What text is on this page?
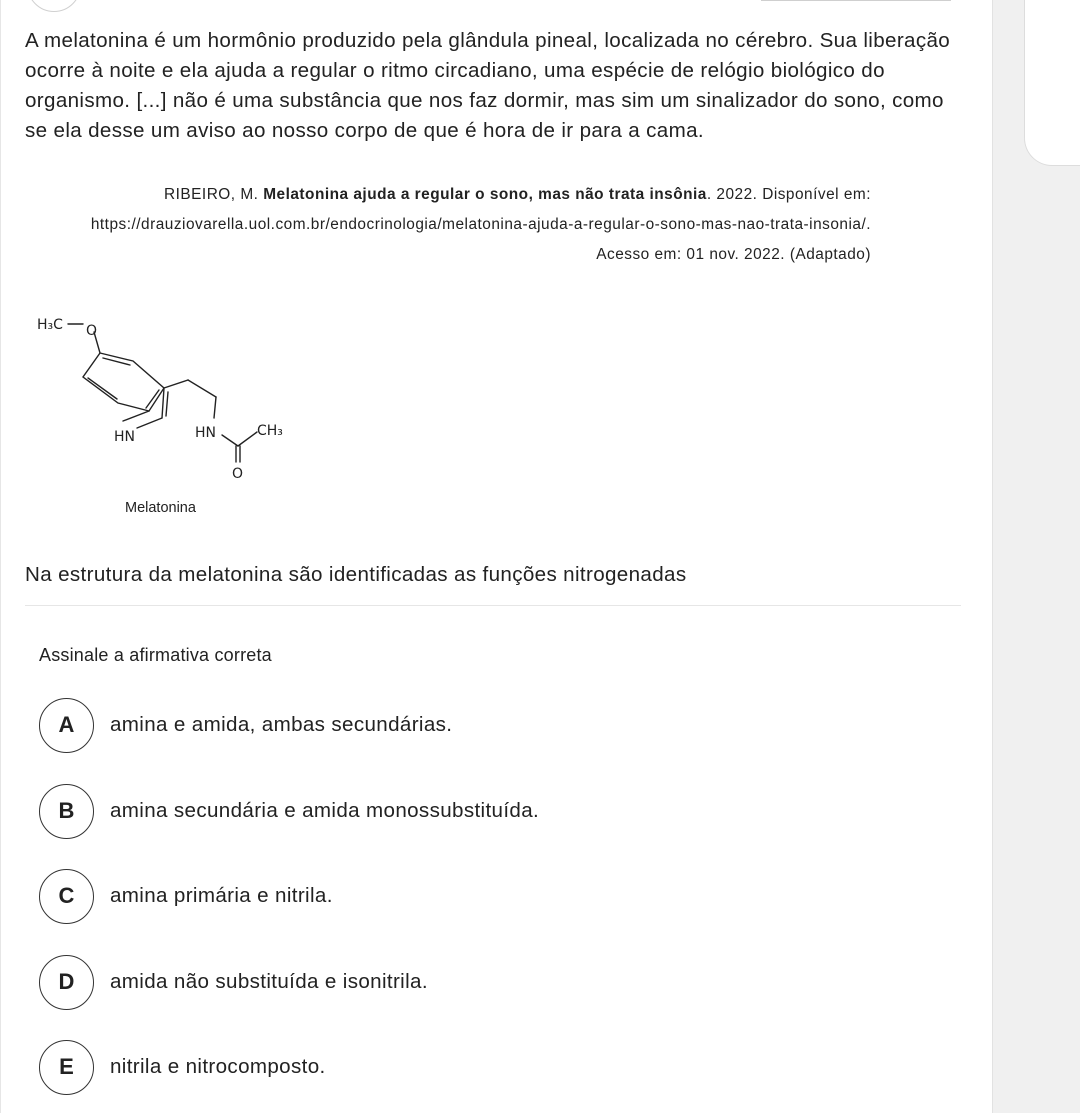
A melatonina é um hormônio produzido pela glândula pineal, localizada no cérebro. Sua liberação ocorre à noite e ela ajuda a regular o ritmo circadiano, uma espécie de relógio biológico do organismo. [...] não é uma substância que nos faz dormir, mas sim um sinalizador do sono, como se ela desse um aviso ao nosso corpo de que é hora de ir para a cama.

RIBEIRO, M. Melatonina ajuda a regular o sono, mas não trata insônia. 2022. Disponível em:

https://drauziovarella.uol.com.br/endocrinologia/melatonina-ajuda-a-regular-o-sono-mas-nao-trata-insonia/.

Acesso em: 01 nov. 2022. (Adaptado)

H₃C O
HN	HN	CH₃
O
Melatonina

Na estrutura da melatonina são identificadas as funções nitrogenadas

Assinale a afirmativa correta
A	amina e amida, ambas secundárias.
B	amina secundária e amida monossubstituída.
C	amina primária e nitrila.
D	amida não substituída e isonitrila.
E	nitrila e nitrocomposto.
